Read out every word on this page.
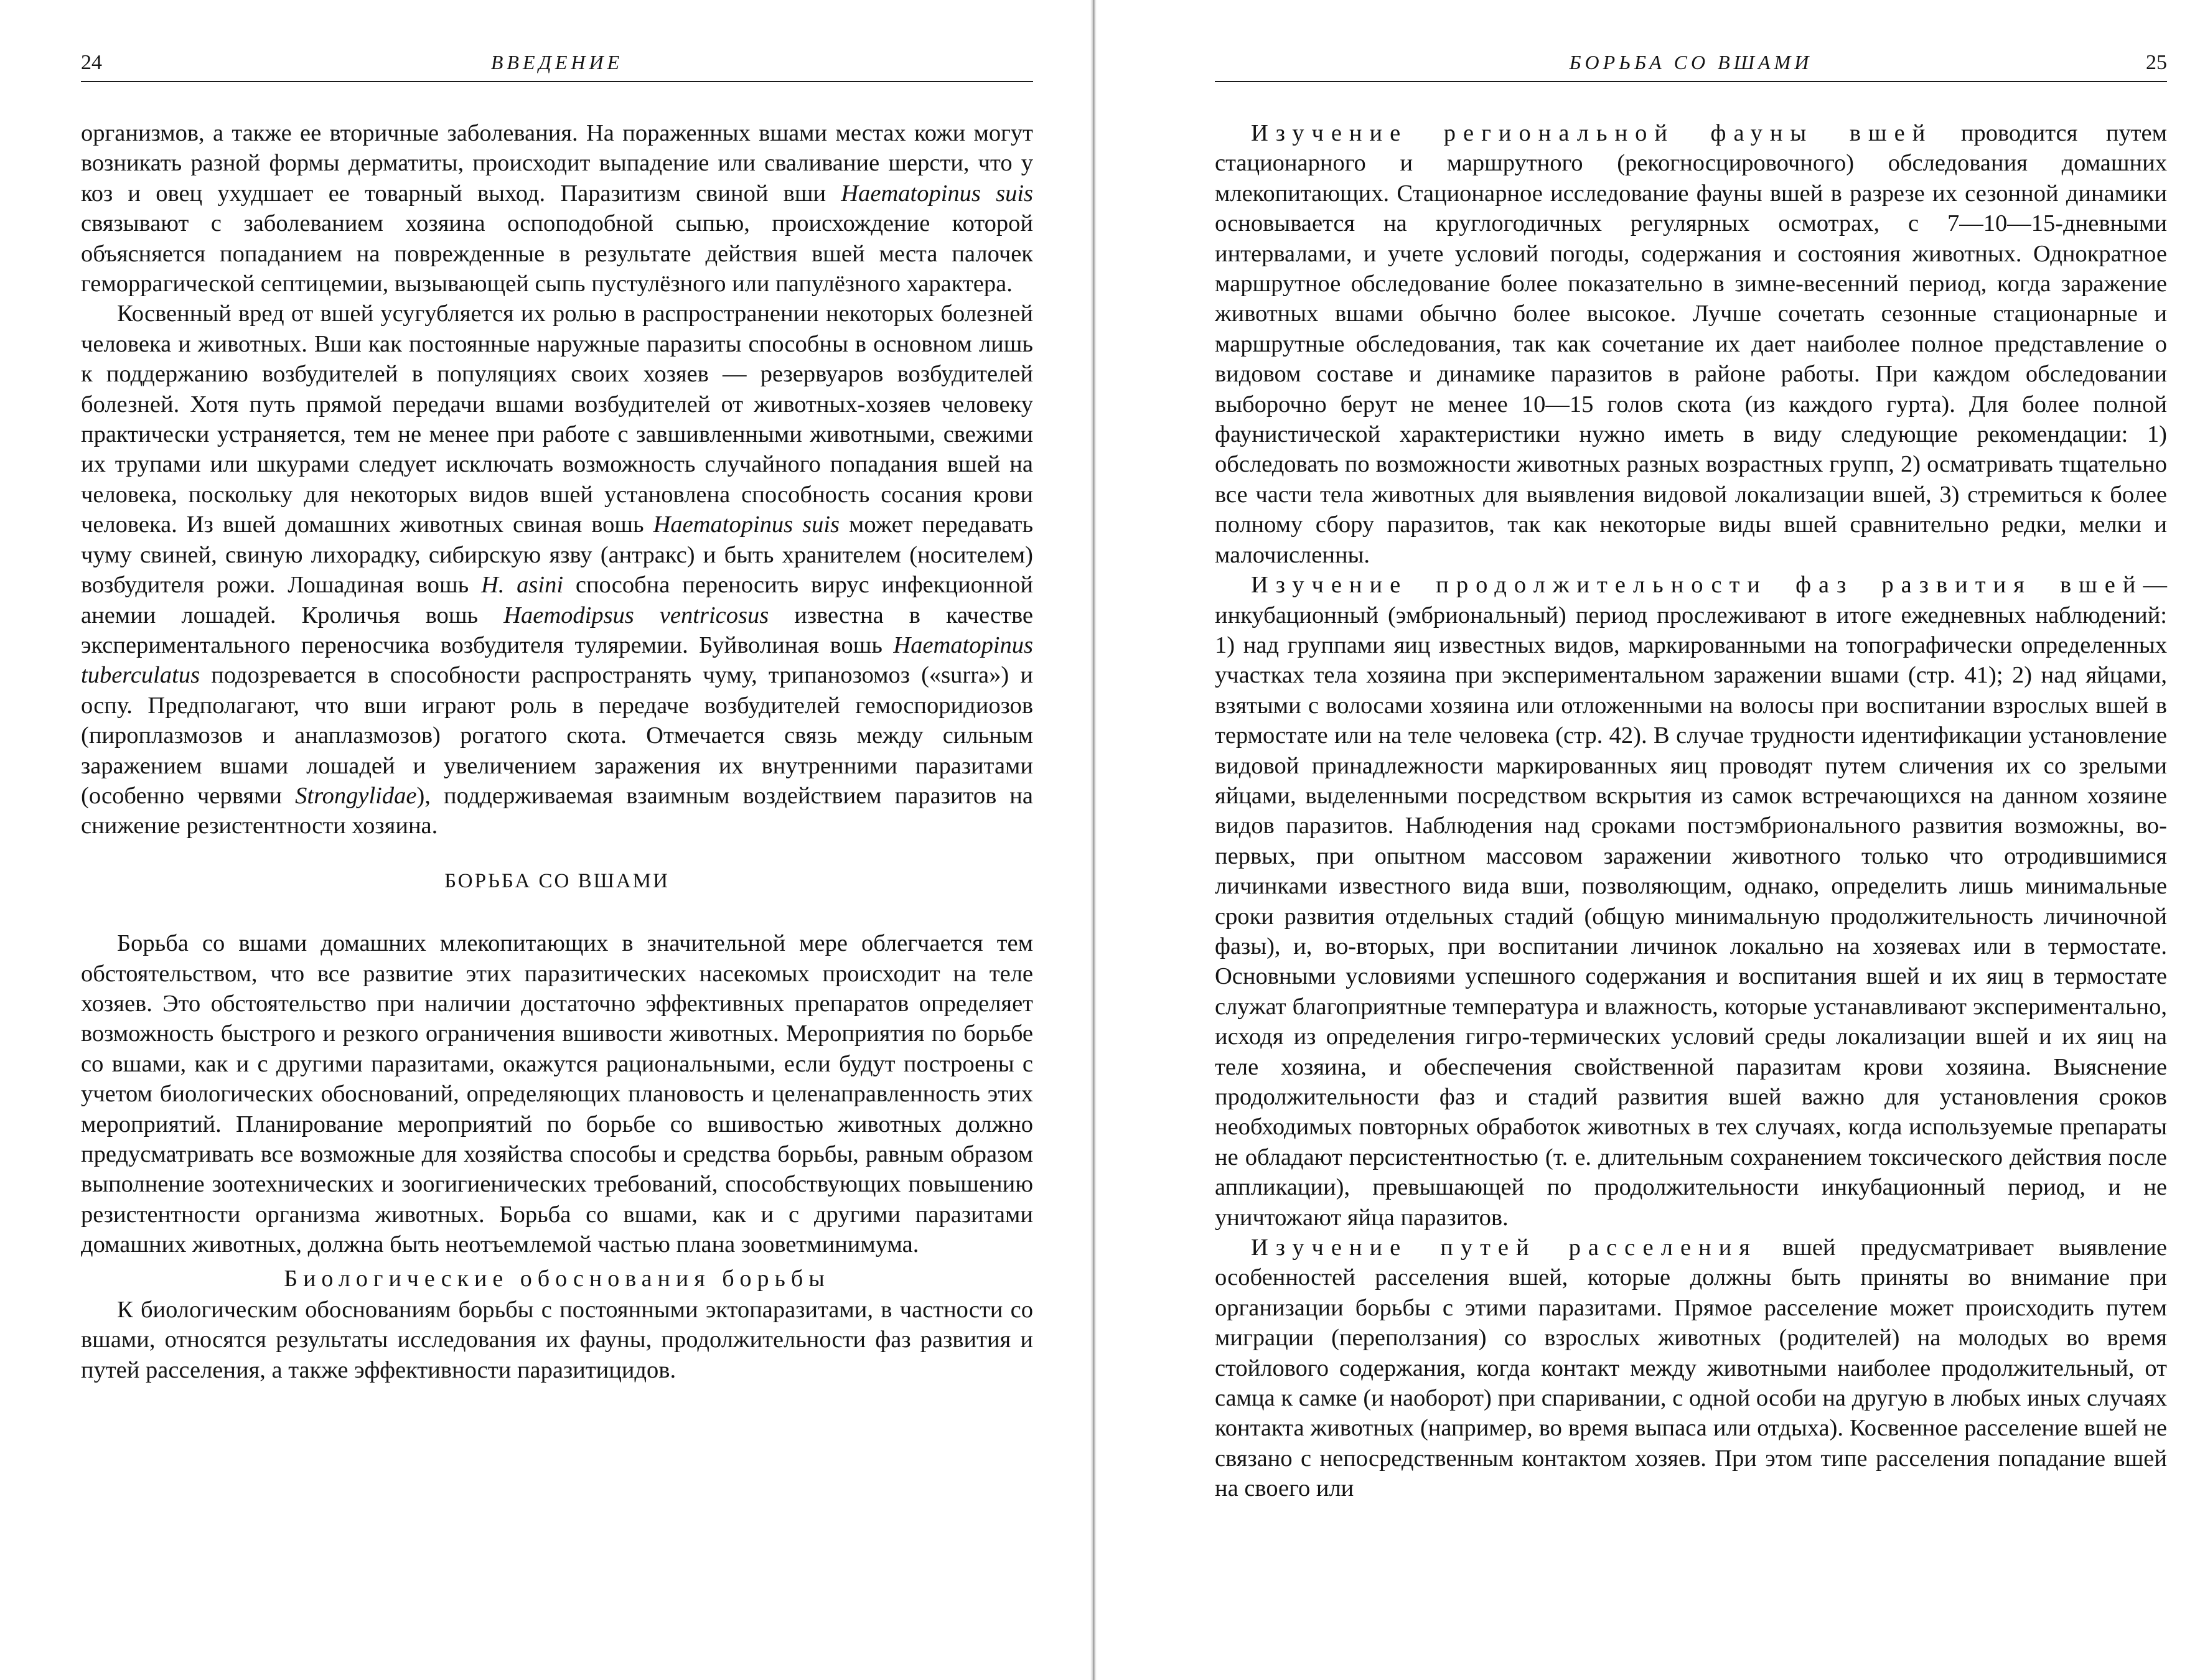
24	ВВЕДЕНИЕ

организмов, а также ее вторичные заболевания. На пораженных вшами местах кожи могут возникать разной формы дерматиты, происходит выпадение или сваливание шерсти, что у коз и овец ухудшает ее товарный выход. Паразитизм свиной вши Haematopinus suis связывают с заболеванием хозяина оспоподобной сыпью, происхождение которой объясняется попаданием на поврежденные в результате действия вшей места палочек геморрагической септицемии, вызывающей сыпь пустулёзного или папулёзного характера.

Косвенный вред от вшей усугубляется их ролью в распространении некоторых болезней человека и животных. Вши как постоянные наружные паразиты способны в основном лишь к поддержанию возбудителей в популяциях своих хозяев — резервуаров возбудителей болезней. Хотя путь прямой передачи вшами возбудителей от животных-хозяев человеку практически устраняется, тем не менее при работе с завшивленными животными, свежими их трупами или шкурами следует исключать возможность случайного попадания вшей на человека, поскольку для некоторых видов вшей установлена способность сосания крови человека. Из вшей домашних животных свиная вошь Haematopinus suis может передавать чуму свиней, свиную лихорадку, сибирскую язву (антракс) и быть хранителем (носителем) возбудителя рожи. Лошадиная вошь H. asini способна переносить вирус инфекционной анемии лошадей. Кроличья вошь Haemodipsus ventricosus известна в качестве экспериментального переносчика возбудителя туляремии. Буйволиная вошь Haematopinus tuberculatus подозревается в способности распространять чуму, трипанозомоз («surra») и оспу. Предполагают, что вши играют роль в передаче возбудителей гемоспоридиозов (пироплазмозов и анаплазмозов) рогатого скота. Отмечается связь между сильным заражением вшами лошадей и увеличением заражения их внутренними паразитами (особенно червями Strongylidae), поддерживаемая взаимным воздействием паразитов на снижение резистентности хозяина.

БОРЬБА СО ВШАМИ

Борьба со вшами домашних млекопитающих в значительной мере облегчается тем обстоятельством, что все развитие этих паразитических насекомых происходит на теле хозяев. Это обстоятельство при наличии достаточно эффективных препаратов определяет возможность быстрого и резкого ограничения вшивости животных. Мероприятия по борьбе со вшами, как и с другими паразитами, окажутся рациональными, если будут построены с учетом биологических обоснований, определяющих плановость и целенаправленность этих мероприятий. Планирование мероприятий по борьбе со вшивостью животных должно предусматривать все возможные для хозяйства способы и средства борьбы, равным образом выполнение зоотехнических и зоогигиенических требований, способствующих повышению резистентности организма животных. Борьба со вшами, как и с другими паразитами домашних животных, должна быть неотъемлемой частью плана зооветминимума.

Биологические обоснования борьбы

К биологическим обоснованиям борьбы с постоянными эктопаразитами, в частности со вшами, относятся результаты исследования их фауны, продолжительности фаз развития и путей расселения, а также эффективности паразитицидов.

БОРЬБА СО ВШАМИ	25

Изучение региональной фауны вшей проводится путем стационарного и маршрутного (рекогносцировочного) обследования домашних млекопитающих. Стационарное исследование фауны вшей в разрезе их сезонной динамики основывается на круглогодичных регулярных осмотрах, с 7—10—15-дневными интервалами, и учете условий погоды, содержания и состояния животных. Однократное маршрутное обследование более показательно в зимне-весенний период, когда заражение животных вшами обычно более высокое. Лучше сочетать сезонные стационарные и маршрутные обследования, так как сочетание их дает наиболее полное представление о видовом составе и динамике паразитов в районе работы. При каждом обследовании выборочно берут не менее 10—15 голов скота (из каждого гурта). Для более полной фаунистической характеристики нужно иметь в виду следующие рекомендации: 1) обследовать по возможности животных разных возрастных групп, 2) осматривать тщательно все части тела животных для выявления видовой локализации вшей, 3) стремиться к более полному сбору паразитов, так как некоторые виды вшей сравнительно редки, мелки и малочисленны.

Изучение продолжительности фаз развития вшей— инкубационный (эмбриональный) период прослеживают в итоге ежедневных наблюдений: 1) над группами яиц известных видов, маркированными на топографически определенных участках тела хозяина при экспериментальном заражении вшами (стр. 41); 2) над яйцами, взятыми с волосами хозяина или отложенными на волосы при воспитании взрослых вшей в термостате или на теле человека (стр. 42). В случае трудности идентификации установление видовой принадлежности маркированных яиц проводят путем сличения их со зрелыми яйцами, выделенными посредством вскрытия из самок встречающихся на данном хозяине видов паразитов. Наблюдения над сроками постэмбрионального развития возможны, во-первых, при опытном массовом заражении животного только что отродившимися личинками известного вида вши, позволяющим, однако, определить лишь минимальные сроки развития отдельных стадий (общую минимальную продолжительность личиночной фазы), и, во-вторых, при воспитании личинок локально на хозяевах или в термостате. Основными условиями успешного содержания и воспитания вшей и их яиц в термостате служат благоприятные температура и влажность, которые устанавливают экспериментально, исходя из определения гигро-термических условий среды локализации вшей и их яиц на теле хозяина, и обеспечения свойственной паразитам крови хозяина. Выяснение продолжительности фаз и стадий развития вшей важно для установления сроков необходимых повторных обработок животных в тех случаях, когда используемые препараты не обладают персистентностью (т. е. длительным сохранением токсического действия после аппликации), превышающей по продолжительности инкубационный период, и не уничтожают яйца паразитов.

Изучение путей расселения вшей предусматривает выявление особенностей расселения вшей, которые должны быть приняты во внимание при организации борьбы с этими паразитами. Прямое расселение может происходить путем миграции (переползания) со взрослых животных (родителей) на молодых во время стойлового содержания, когда контакт между животными наиболее продолжительный, от самца к самке (и наоборот) при спаривании, с одной особи на другую в любых иных случаях контакта животных (например, во время выпаса или отдыха). Косвенное расселение вшей не связано с непосредственным контактом хозяев. При этом типе расселения попадание вшей на своего или
